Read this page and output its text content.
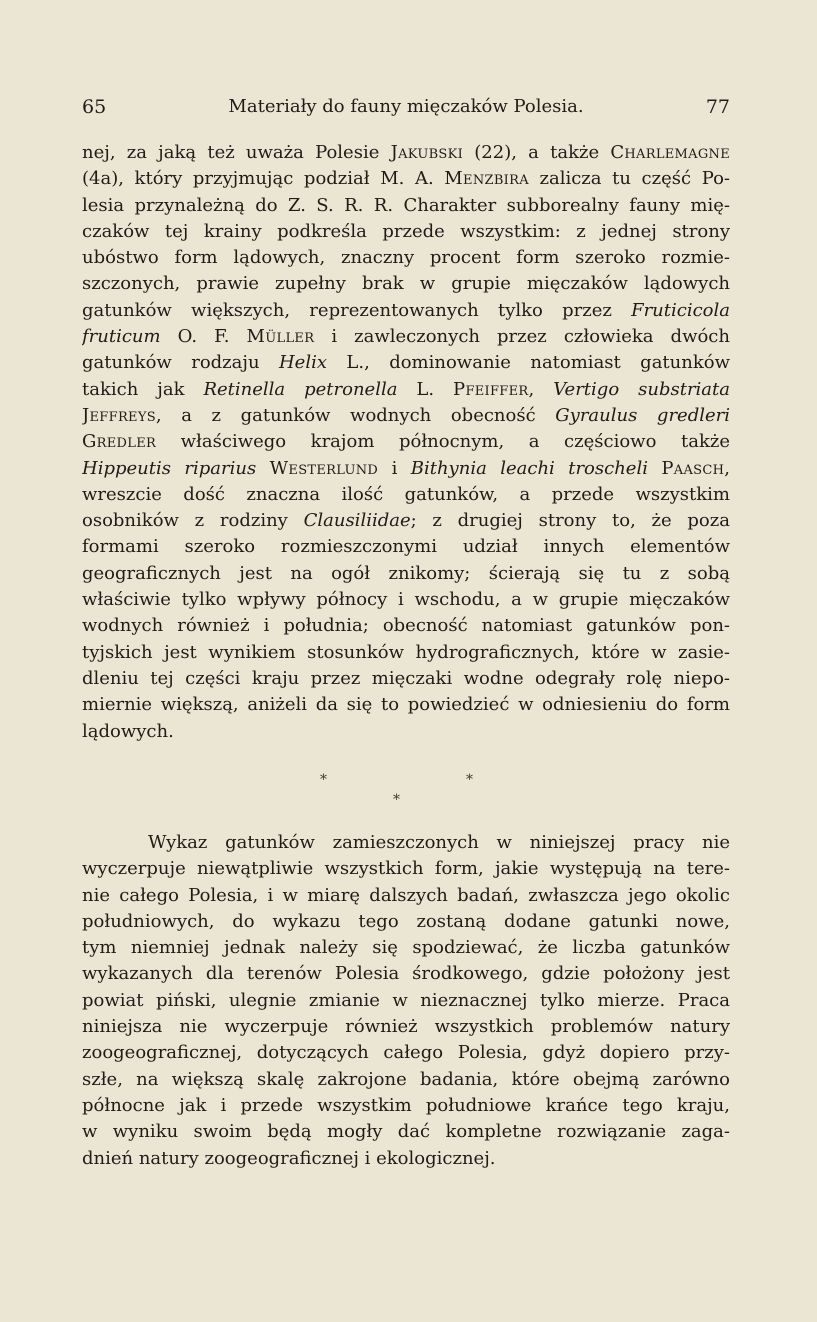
65	Materiały do fauny mięczaków Polesia.	77
nej, za jaką też uważa Polesie Jakubski (22), a także Charlemagne
(4a), który przyjmując podział M. A. Menzbira zalicza tu część Po-
lesia przynależną do Z. S. R. R. Charakter subborealny fauny mię-
czaków tej krainy podkreśla przede wszystkim: z jednej strony
ubóstwo form lądowych, znaczny procent form szeroko rozmie-
szczonych, prawie zupełny brak w grupie mięczaków lądowych
gatunków większych, reprezentowanych tylko przez Fruticicola
fruticum O. F. Müller i zawleczonych przez człowieka dwóch
gatunków rodzaju Helix L., dominowanie natomiast gatunków
takich jak Retinella petronella L. Pfeiffer, Vertigo substriata
Jeffreys, a z gatunków wodnych obecność Gyraulus gredleri
Gredler właściwego krajom północnym, a częściowo także
Hippeutis riparius Westerlund i Bithynia leachi troscheli Paasch,
wreszcie dość znaczna ilość gatunków, a przede wszystkim
osobników z rodziny Clausiliidae; z drugiej strony to, że poza
formami szeroko rozmieszczonymi udział innych elementów
geograficznych jest na ogół znikomy; ścierają się tu z sobą
właściwie tylko wpływy północy i wschodu, a w grupie mięczaków
wodnych również i południa; obecność natomiast gatunków pon-
tyjskich jest wynikiem stosunków hydrograficznych, które w zasie-
dleniu tej części kraju przez mięczaki wodne odegrały rolę niepo-
miernie większą, aniżeli da się to powiedzieć w odniesieniu do form
lądowych.
*	*
*
Wykaz gatunków zamieszczonych w niniejszej pracy nie
wyczerpuje niewątpliwie wszystkich form, jakie występują na tere-
nie całego Polesia, i w miarę dalszych badań, zwłaszcza jego okolic
południowych, do wykazu tego zostaną dodane gatunki nowe,
tym niemniej jednak należy się spodziewać, że liczba gatunków
wykazanych dla terenów Polesia środkowego, gdzie położony jest
powiat piński, ulegnie zmianie w nieznacznej tylko mierze. Praca
niniejsza nie wyczerpuje również wszystkich problemów natury
zoogeograficznej, dotyczących całego Polesia, gdyż dopiero przy-
szłe, na większą skalę zakrojone badania, które obejmą zarówno
północne jak i przede wszystkim południowe krańce tego kraju,
w wyniku swoim będą mogły dać kompletne rozwiązanie zaga-
dnień natury zoogeograficznej i ekologicznej.
